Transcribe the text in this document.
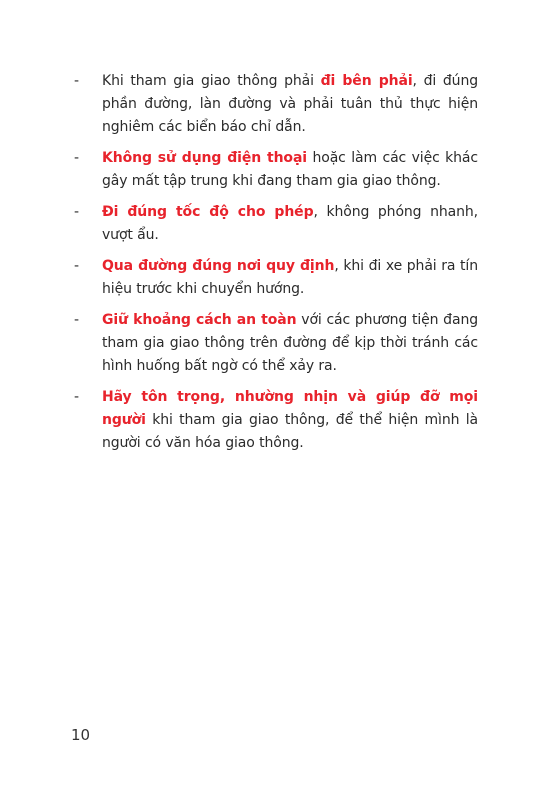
-	Khi tham gia giao thông phải đi bên phải, đi đúng phần đường, làn đường và phải tuân thủ thực hiện nghiêm các biển báo chỉ dẫn.
-	Không sử dụng điện thoại hoặc làm các việc khác gây mất tập trung khi đang tham gia giao thông.
-	Đi đúng tốc độ cho phép, không phóng nhanh, vượt ẩu.
-	Qua đường đúng nơi quy định, khi đi xe phải ra tín hiệu trước khi chuyển hướng.
-	Giữ khoảng cách an toàn với các phương tiện đang tham gia giao thông trên đường để kịp thời tránh các hình huống bất ngờ có thể xảy ra.
-	Hãy tôn trọng, nhường nhịn và giúp đỡ mọi người khi tham gia giao thông, để thể hiện mình là người có văn hóa giao thông.
10
